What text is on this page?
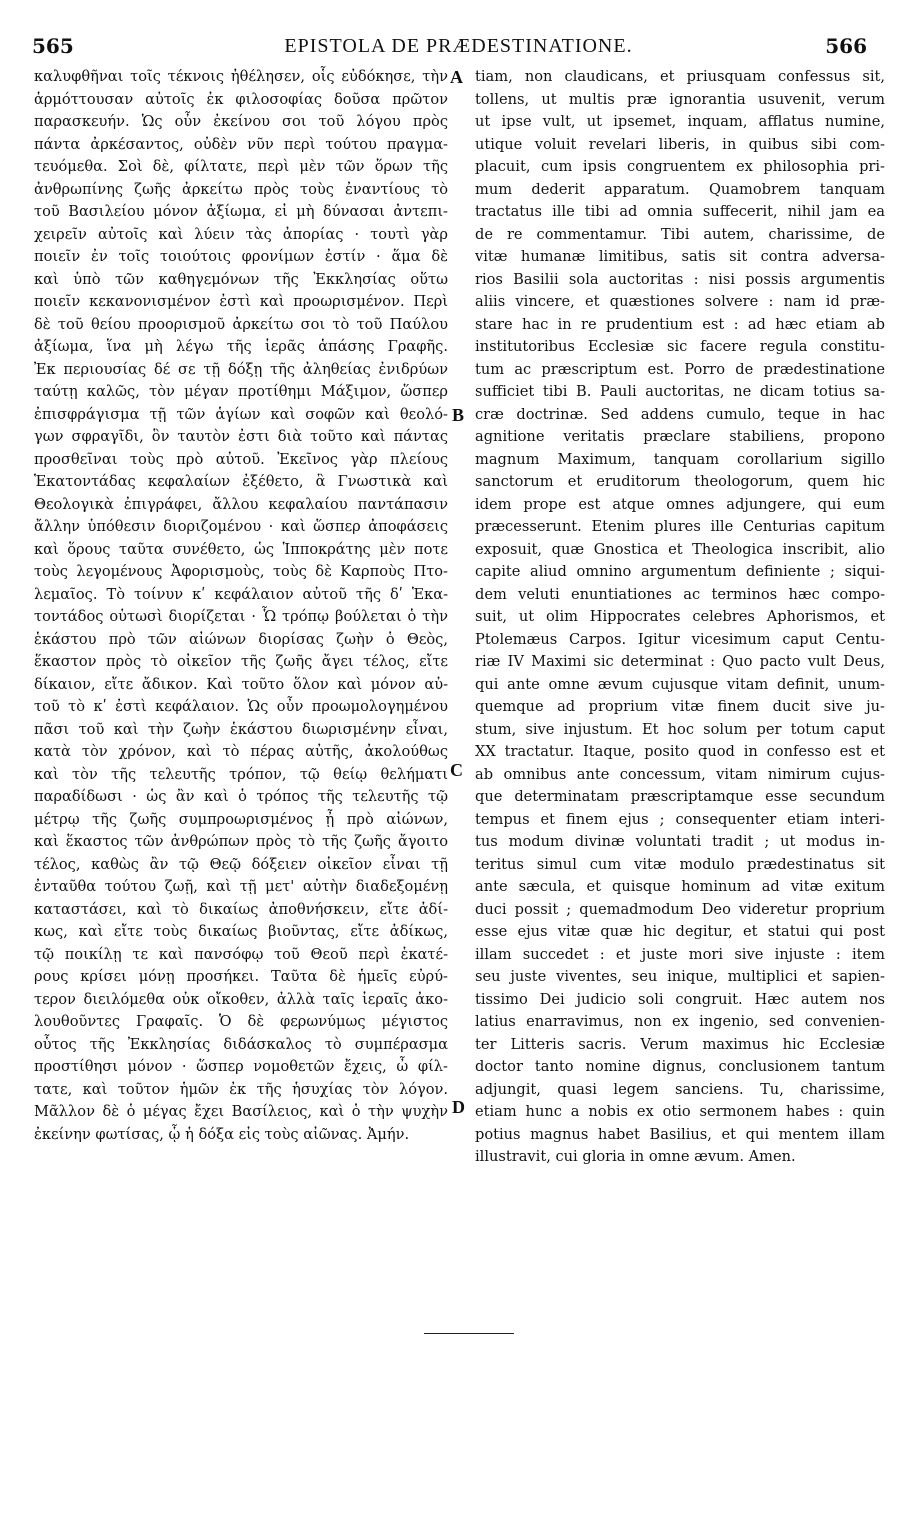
565	EPISTOLA DE PRÆDESTINATIONE.	566
καλυφθῆναι τοῖς τέκνοις ἠθέλησεν, οἷς εὐδόκησε, τὴν
ἁρμόττουσαν αὐτοῖς ἐκ φιλοσοφίας δοῦσα πρῶτον
παρασκευήν. Ὡς οὖν ἐκείνου σοι τοῦ λόγου πρὸς
πάντα ἀρκέσαντος, οὐδὲν νῦν περὶ τούτου πραγμα-
τευόμεθα. Σοὶ δὲ, φίλτατε, περὶ μὲν τῶν ὅρων τῆς
ἀνθρωπίνης ζωῆς ἀρκείτω πρὸς τοὺς ἐναντίους τὸ
τοῦ Βασιλείου μόνον ἀξίωμα, εἰ μὴ δύνασαι ἀντεπι-
χειρεῖν αὐτοῖς καὶ λύειν τὰς ἀπορίας · τουτὶ γὰρ
ποιεῖν ἐν τοῖς τοιούτοις φρονίμων ἐστίν · ἅμα δὲ
καὶ ὑπὸ τῶν καθηγεμόνων τῆς Ἐκκλησίας οὕτω
ποιεῖν κεκανονισμένον ἐστὶ καὶ προωρισμένον. Περὶ
δὲ τοῦ θείου προορισμοῦ ἀρκείτω σοι τὸ τοῦ Παύλου
ἀξίωμα, ἵνα μὴ λέγω τῆς ἱερᾶς ἁπάσης Γραφῆς.
Ἐκ περιουσίας δέ σε τῇ δόξῃ τῆς ἀληθείας ἐνιδρύων
ταύτῃ καλῶς, τὸν μέγαν προτίθημι Μάξιμον, ὥσπερ
ἐπισφράγισμα τῇ τῶν ἁγίων καὶ σοφῶν καὶ θεολό-
γων σφραγῖδι, ὃν ταυτὸν ἐστι διὰ τοῦτο καὶ πάντας
προσθεῖναι τοὺς πρὸ αὐτοῦ. Ἐκεῖνος γὰρ πλείους
Ἑκατοντάδας κεφαλαίων ἐξέθετο, ἃ Γνωστικὰ καὶ
Θεολογικὰ ἐπιγράφει, ἄλλου κεφαλαίου παντάπασιν
ἄλλην ὑπόθεσιν διοριζομένου · καὶ ὥσπερ ἀποφάσεις
καὶ ὅρους ταῦτα συνέθετο, ὡς Ἱπποκράτης μὲν ποτε
τοὺς λεγομένους Ἀφορισμοὺς, τοὺς δὲ Καρποὺς Πτο-
λεμαῖος. Τὸ τοίνυν κʹ κεφάλαιον αὐτοῦ τῆς δʹ Ἑκα-
τοντάδος οὑτωσὶ διορίζεται · Ὧ τρόπῳ βούλεται ὁ τὴν
ἑκάστου πρὸ τῶν αἰώνων διορίσας ζωὴν ὁ Θεὸς,
ἕκαστον πρὸς τὸ οἰκεῖον τῆς ζωῆς ἄγει τέλος, εἴτε
δίκαιον, εἴτε ἄδικον. Καὶ τοῦτο ὅλον καὶ μόνον αὐ-
τοῦ τὸ κʹ ἐστὶ κεφάλαιον. Ὡς οὖν προωμολογημένου
πᾶσι τοῦ καὶ τὴν ζωὴν ἑκάστου διωρισμένην εἶναι,
κατὰ τὸν χρόνον, καὶ τὸ πέρας αὐτῆς, ἀκολούθως
καὶ τὸν τῆς τελευτῆς τρόπον, τῷ θείῳ θελήματι
παραδίδωσι · ὡς ἂν καὶ ὁ τρόπος τῆς τελευτῆς τῷ
μέτρῳ τῆς ζωῆς συμπροωρισμένος ᾖ πρὸ αἰώνων,
καὶ ἕκαστος τῶν ἀνθρώπων πρὸς τὸ τῆς ζωῆς ἄγοιτο
τέλος, καθὼς ἂν τῷ Θεῷ δόξειεν οἰκεῖον εἶναι τῇ
ἐνταῦθα τούτου ζωῇ, καὶ τῇ μετ' αὐτὴν διαδεξομένῃ
καταστάσει, καὶ τὸ δικαίως ἀποθνήσκειν, εἴτε ἀδί-
κως, καὶ εἴτε τοὺς δικαίως βιοῦντας, εἴτε ἀδίκως,
τῷ ποικίλῃ τε καὶ πανσόφῳ τοῦ Θεοῦ περὶ ἑκατέ-
ρους κρίσει μόνῃ προσήκει. Ταῦτα δὲ ἡμεῖς εὐρύ-
τερον διειλόμεθα οὐκ οἴκοθεν, ἀλλὰ ταῖς ἱεραῖς ἀκο-
λουθοῦντες Γραφαῖς. Ὁ δὲ φερωνύμως μέγιστος
οὗτος τῆς Ἐκκλησίας διδάσκαλος τὸ συμπέρασμα
προστίθησι μόνον · ὥσπερ νομοθετῶν ἔχεις, ὦ φίλ-
τατε, καὶ τοῦτον ἡμῶν ἐκ τῆς ἡσυχίας τὸν λόγον.
Μᾶλλον δὲ ὁ μέγας ἔχει Βασίλειος, καὶ ὁ τὴν ψυχὴν
ἐκείνην φωτίσας, ᾧ ἡ δόξα εἰς τοὺς αἰῶνας. Ἀμήν.
tiam, non claudicans, et priusquam confessus sit,
tollens, ut multis præ ignorantia usuvenit, verum
ut ipse vult, ut ipsemet, inquam, afflatus numine,
utique voluit revelari liberis, in quibus sibi com-
placuit, cum ipsis congruentem ex philosophia pri-
mum dederit apparatum. Quamobrem tanquam
tractatus ille tibi ad omnia suffecerit, nihil jam ea
de re commentamur. Tibi autem, charissime, de
vitæ humanæ limitibus, satis sit contra adversa-
rios Basilii sola auctoritas : nisi possis argumentis
aliis vincere, et quæstiones solvere : nam id præ-
stare hac in re prudentium est : ad hæc etiam ab
institutoribus Ecclesiæ sic facere regula constitu-
tum ac præscriptum est. Porro de prædestinatione
sufficiet tibi B. Pauli auctoritas, ne dicam totius sa-
cræ doctrinæ. Sed addens cumulo, teque in hac
agnitione veritatis præclare stabiliens, propono
magnum Maximum, tanquam corollarium sigillo
sanctorum et eruditorum theologorum, quem hic
idem prope est atque omnes adjungere, qui eum
præcesserunt. Etenim plures ille Centurias capitum
exposuit, quæ Gnostica et Theologica inscribit, alio
capite aliud omnino argumentum definiente ; siqui-
dem veluti enuntiationes ac terminos hæc compo-
suit, ut olim Hippocrates celebres Aphorismos, et
Ptolemæus Carpos. Igitur vicesimum caput Centu-
riæ IV Maximi sic determinat : Quo pacto vult Deus,
qui ante omne ævum cujusque vitam definit, unum-
quemque ad proprium vitæ finem ducit sive ju-
stum, sive injustum. Et hoc solum per totum caput
XX tractatur. Itaque, posito quod in confesso est et
ab omnibus ante concessum, vitam nimirum cujus-
que determinatam præscriptamque esse secundum
tempus et finem ejus ; consequenter etiam interi-
tus modum divinæ voluntati tradit ; ut modus in-
teritus simul cum vitæ modulo prædestinatus sit
ante sæcula, et quisque hominum ad vitæ exitum
duci possit ; quemadmodum Deo videretur proprium
esse ejus vitæ quæ hic degitur, et statui qui post
illam succedet : et juste mori sive injuste : item
seu juste viventes, seu inique, multiplici et sapien-
tissimo Dei judicio soli congruit. Hæc autem nos
latius enarravimus, non ex ingenio, sed convenien-
ter Litteris sacris. Verum maximus hic Ecclesiæ
doctor tanto nomine dignus, conclusionem tantum
adjungit, quasi legem sanciens. Tu, charissime,
etiam hunc a nobis ex otio sermonem habes : quin
potius magnus habet Basilius, et qui mentem illam
illustravit, cui gloria in omne ævum. Amen.
A
B
C
D
